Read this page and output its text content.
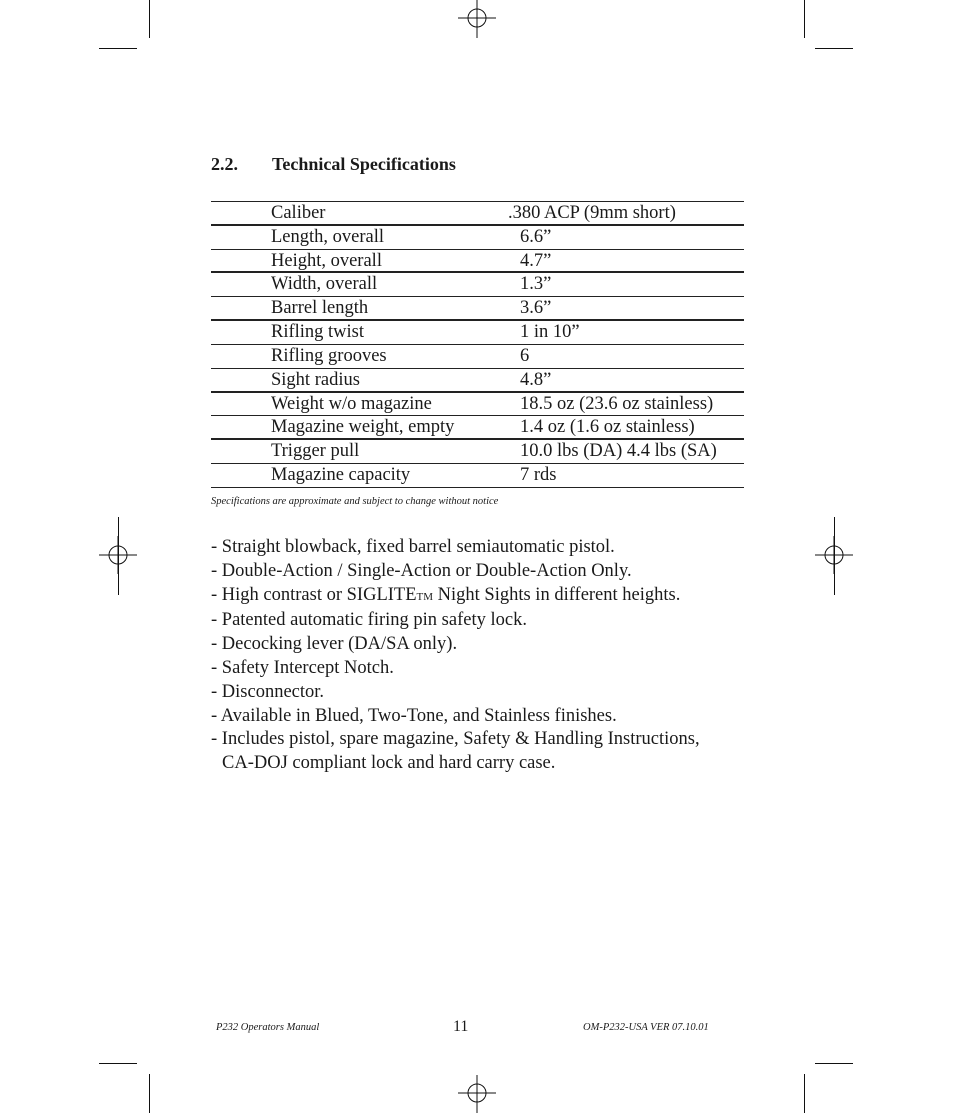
2.2. Technical Specifications
Caliber	.380 ACP (9mm short)
Length, overall	6.6”
Height, overall	4.7”
Width, overall	1.3”
Barrel length	3.6”
Rifling twist	1 in 10”
Rifling grooves	6
Sight radius	4.8”
Weight w/o magazine	18.5 oz (23.6 oz stainless)
Magazine weight, empty	1.4 oz (1.6 oz stainless)
Trigger pull	10.0 lbs (DA) 4.4 lbs (SA)
Magazine capacity	7 rds
Specifications are approximate and subject to change without notice
- Straight blowback, fixed barrel semiautomatic pistol.
- Double-Action / Single-Action or Double-Action Only.
- High contrast or SIGLITETM Night Sights in different heights.
- Patented automatic firing pin safety lock.
- Decocking lever (DA/SA only).
- Safety Intercept Notch.
- Disconnector.
- Available in Blued, Two-Tone, and Stainless finishes.
- Includes pistol, spare magazine, Safety & Handling Instructions,
CA-DOJ compliant lock and hard carry case.
P232 Operators Manual	11	OM-P232-USA VER 07.10.01
